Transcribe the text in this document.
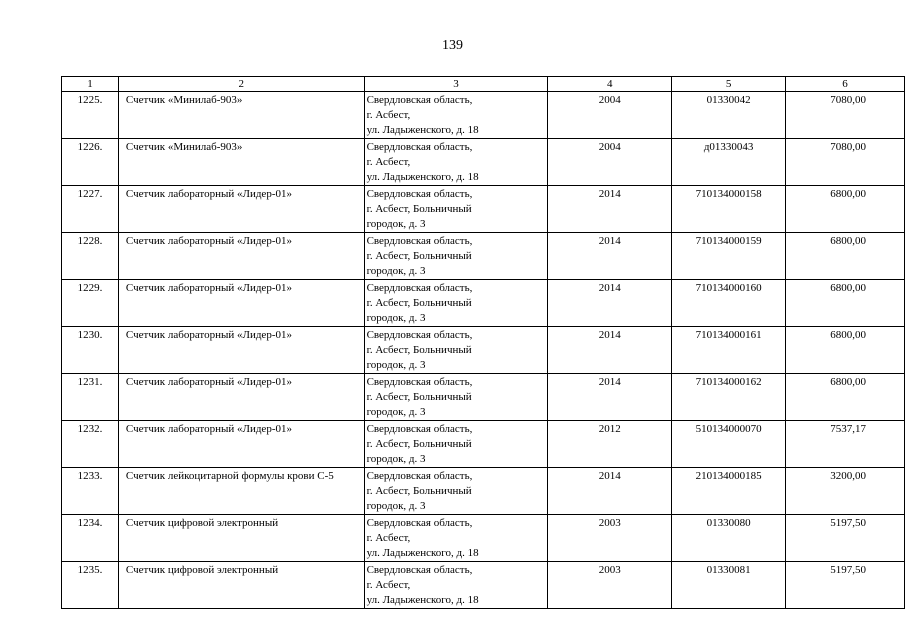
139
1	2	3	4	5	6
1225.	Счетчик «Минилаб-903»	Свердловская область,
г. Асбест,
ул. Ладыженского, д. 18	2004	01330042	7080,00
1226.	Счетчик «Минилаб-903»	Свердловская область,
г. Асбест,
ул. Ладыженского, д. 18	2004	д01330043	7080,00
1227.	Счетчик лабораторный «Лидер-01»	Свердловская область,
г. Асбест, Больничный
городок, д. 3	2014	710134000158	6800,00
1228.	Счетчик лабораторный «Лидер-01»	Свердловская область,
г. Асбест, Больничный
городок, д. 3	2014	710134000159	6800,00
1229.	Счетчик лабораторный «Лидер-01»	Свердловская область,
г. Асбест, Больничный
городок, д. 3	2014	710134000160	6800,00
1230.	Счетчик лабораторный «Лидер-01»	Свердловская область,
г. Асбест, Больничный
городок, д. 3	2014	710134000161	6800,00
1231.	Счетчик лабораторный «Лидер-01»	Свердловская область,
г. Асбест, Больничный
городок, д. 3	2014	710134000162	6800,00
1232.	Счетчик лабораторный «Лидер-01»	Свердловская область,
г. Асбест, Больничный
городок, д. 3	2012	510134000070	7537,17
1233.	Счетчик лейкоцитарной формулы крови С-5	Свердловская область,
г. Асбест, Больничный
городок, д. 3	2014	210134000185	3200,00
1234.	Счетчик цифровой электронный	Свердловская область,
г. Асбест,
ул. Ладыженского, д. 18	2003	01330080	5197,50
1235.	Счетчик цифровой электронный	Свердловская область,
г. Асбест,
ул. Ладыженского, д. 18	2003	01330081	5197,50
